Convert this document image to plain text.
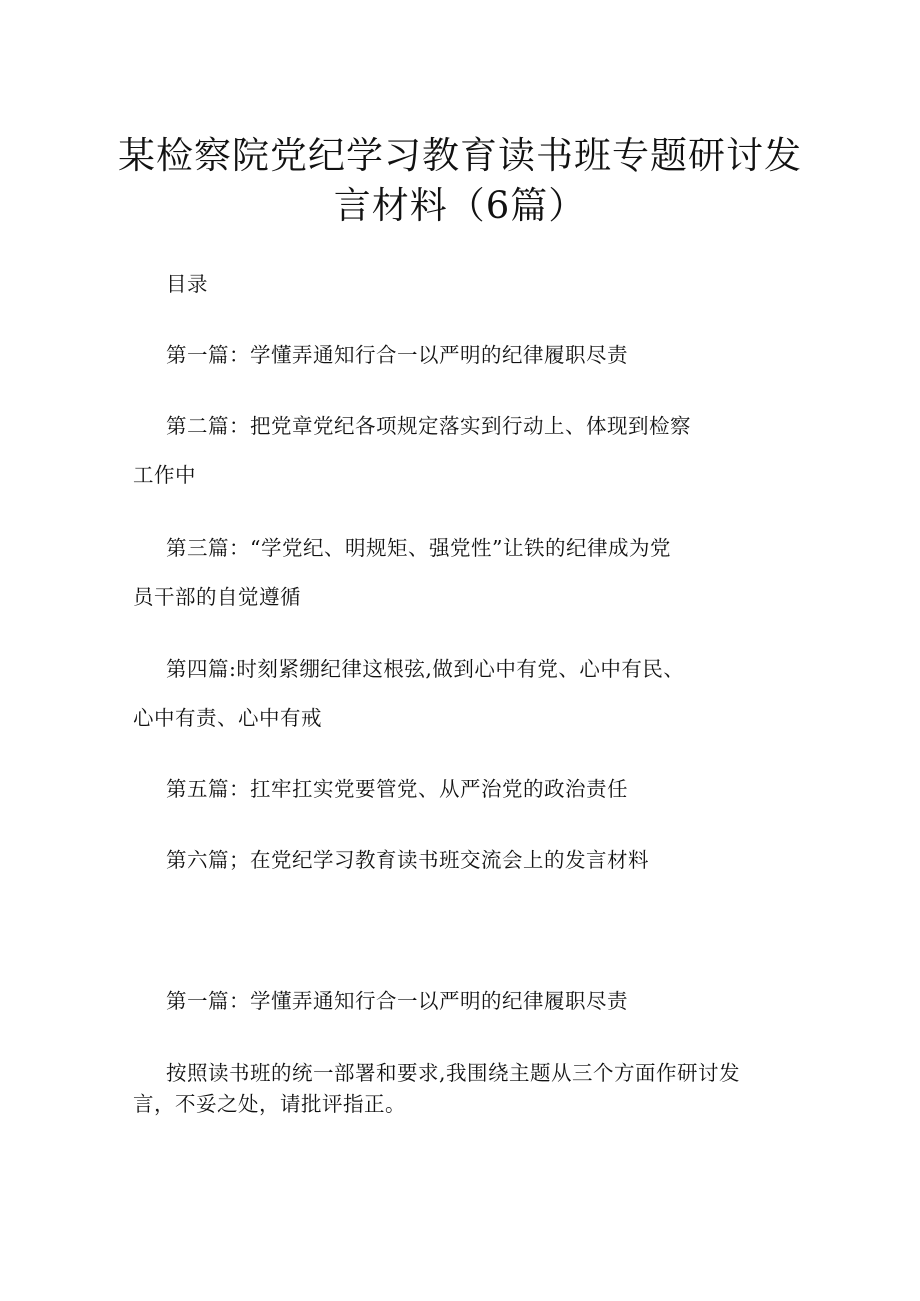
某检察院党纪学习教育读书班专题研讨发
言材料（6篇）
目录
第一篇：学懂弄通知行合一以严明的纪律履职尽责
第二篇：把党章党纪各项规定落实到行动上、体现到检察
工作中
第三篇：“学党纪、明规矩、强党性”让铁的纪律成为党
员干部的自觉遵循
第四篇:时刻紧绷纪律这根弦,做到心中有党、心中有民、
心中有责、心中有戒
第五篇：扛牢扛实党要管党、从严治党的政治责任
第六篇；在党纪学习教育读书班交流会上的发言材料
第一篇：学懂弄通知行合一以严明的纪律履职尽责
按照读书班的统一部署和要求,我围绕主题从三个方面作研讨发
言，不妥之处，请批评指正。
